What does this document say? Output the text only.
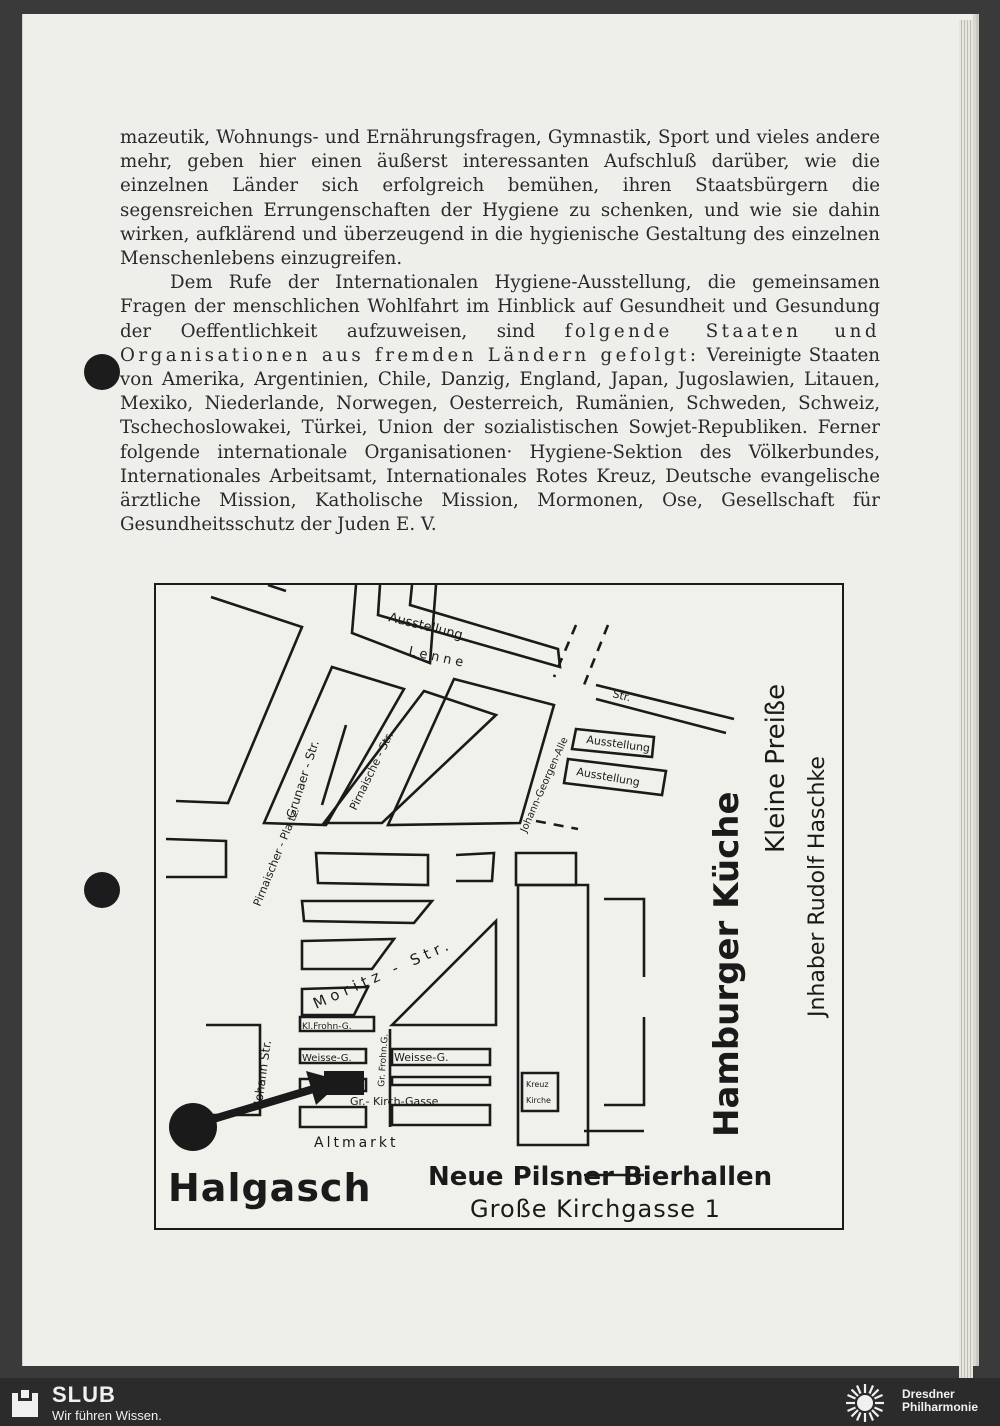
mazeutik, Wohnungs- und Ernährungsfragen, Gymnastik, Sport und vieles andere mehr, geben hier einen äußerst interessanten Aufschluß darüber, wie die einzelnen Länder sich erfolgreich bemühen, ihren Staatsbürgern die segensreichen Errungenschaften der Hygiene zu schenken, und wie sie dahin wirken, aufklärend und überzeugend in die hygienische Gestaltung des einzelnen Menschenlebens einzugreifen.

Dem Rufe der Internationalen Hygiene-Ausstellung, die gemeinsamen Fragen der menschlichen Wohlfahrt im Hinblick auf Gesundheit und Gesundung der Oeffentlichkeit aufzuweisen, sind folgende Staaten und Organisationen aus fremden Ländern gefolgt: Vereinigte Staaten von Amerika, Argentinien, Chile, Danzig, England, Japan, Jugoslawien, Litauen, Mexiko, Niederlande, Norwegen, Oesterreich, Rumänien, Schweden, Schweiz, Tschechoslowakei, Türkei, Union der sozialistischen Sowjet-Republiken. Ferner folgende internationale Organisationen· Hygiene-Sektion des Völkerbundes, Internationales Arbeitsamt, Internationales Rotes Kreuz, Deutsche evangelische ärztliche Mission, Katholische Mission, Mormonen, Ose, Gesellschaft für Gesundheitsschutz der Juden E. V.

Ausstellung
Lenne
Str.
Ausstellung
Ausstellung
Grunaer - Str. Pirnaische - Str.	Johann-Georgen-Alle
Pirnaischer - Pla tz.
Moritz - Str.
Johann Str.
Kl.Frohn-G.
Weisse-G.	Weisse-G.
Gr. Frohn.G.
Gr.- Kirch-Gasse
Kreuz
Kirche
Altmarkt
Halgasch Neue Pilsner Bierhallen
Große Kirchgasse 1
Hamburger Küche
Kleine Preiße Jnhaber Rudolf Haschke
SLUB
Wir führen Wissen.
Dresdner
Philharmonie
